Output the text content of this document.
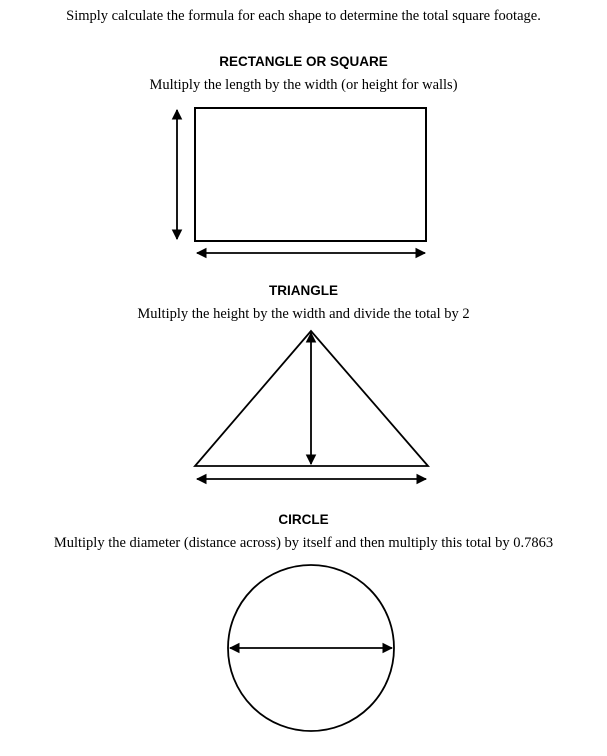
Simply calculate the formula for each shape to determine the total square footage.
RECTANGLE OR SQUARE
Multiply the length by the width (or height for walls)
TRIANGLE
Multiply the height by the width and divide the total by 2
CIRCLE
Multiply the diameter (distance across) by itself and then multiply this total by 0.7863
